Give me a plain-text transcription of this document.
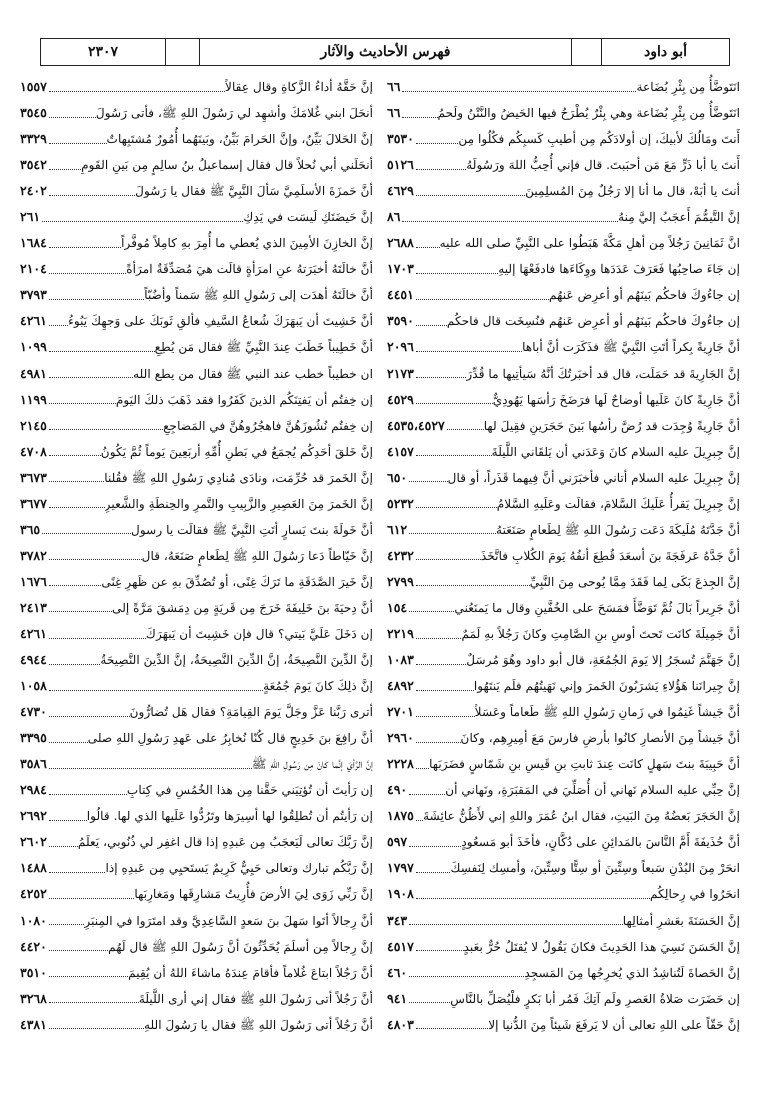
أبو داود
فهرس الأحاديث والآثار
٢٣٠٧
انَتَوضَّأُ مِن بِئْرِ بُضَاعة
٦٦
انَتَوضَّأُ مِن بِئْرِ بُضَاعة وهي بِئْرٌ يُطْرَحُ فيها الحَيضُ والنَّتْنُ ولَحمُ
٦٦
أَنتَ ومَالُكَ لأبيكَ، إن أولادَكُم مِن أطيبِ كَسبِكُم فكُلُوا مِن
٣٥٣٠
أَنتَ يا أبا ذَرٍّ مَعَ مَن أحبَبتَ. قال فإني أُحِبُّ اللهَ ورَسُولَهُ
٥١٢٦
أنتَ يا أبَهْ، قال ما أنا إلا رَجُلٌ مِنَ المُسلِمِينَ
٤٦٢٩
إنَّ التَّيمُّمَ أَعجَبُ إليَّ مِنهُ
٨٦
انَّ ثَمَانِينَ رَجُلاً مِن أهلِ مَكَّةَ هَبَطُوا على النَّبِيِّ صلى الله عليه
٢٦٨٨
إن جَاءَ صاحِبُها فَعَرَفَ عَدَدَها ووِكَاءَها فادفَعْهَا إليهِ
١٧٠٣
إن جاءُوكَ فاحكُم بَينَهُم أو أعرِض عَنهُم
٤٤٥١
إن جاءُوكَ فاحكُم بَينَهُم أو أعرِض عَنهُم فنُسِخَت قال فاحكُم
٣٥٩٠
أنَّ جَارِيةً بِكراً أتَتِ النَّبِيَّ ﷺ فذَكَرَت أنَّ أباها
٢٠٩٦
إنَّ الجَارِيةَ قد حَمَلَت، قال قد أخبَرتُكَ أنَّهُ سَيأتِيها ما قُدِّرَ
٢١٧٣
أنَّ جَارِيةً كانَ عَلَيها أوضاحٌ لَها فرَضَخَ رَأسَها يَهُودِيٌّ
٤٥٢٩
أنَّ جَارِيةً وُجِدَت قد رُضَّ رأسُها بَينَ حَجَرَينِ فقِيلَ لها
٤٥٣٥،٤٥٢٧
إنَّ جِبرِيلَ عليه السلام كانَ وَعَدَني أن يَلقَاني اللَّيلَةَ
٤١٥٧
إنَّ جِبرِيلَ عليه السلام أتاني فأخبَرَني أنَّ فِيهما قَذَراً، أو قال
٦٥٠
إنَّ جِبرِيلَ يَقرأُ عَلَيكَ السَّلامَ، فقالَت وعَلَيهِ السَّلامُ
٥٢٣٢
أنَّ جَدَّتَهُ مُلَيكَةَ دَعَت رَسُولَ اللهِ ﷺ لِطَعامٍ صَنَعَتهُ
٦١٢
أنَّ جَدَّهُ عَرفَجَةَ بنَ أسعَدَ قُطِعَ أنفُهُ يَومَ الكُلابِ فاتَّخَذَ
٤٢٣٢
إنَّ الجِذعَ بَكَى لِما فَقَدَ مِمَّا يُوحى مِنَ النَّبِيِّ
٢٧٩٩
أنَّ جَرِيراً بَالَ ثُمَّ تَوَضَّأَ فمَسَحَ على الخُفَّينِ وقال ما يَمنَعُني
١٥٤
أنَّ جَمِيلَةَ كانَت تَحتَ أوسِ بنِ الصَّامِتِ وكانَ رَجُلاً بهِ لَمَمٌ
٢٢١٩
إنَّ جَهَنَّمَ تُسجَرُ إلا يَومَ الجُمُعَةِ، قال أبو داود وهُوَ مُرسَلٌ
١٠٨٣
إنَّ جِيرانَنا هَؤُلاءِ يَشرَبُونَ الخَمرَ وإني نَهَيتُهُم فلَم يَنتَهُوا
٤٨٩٢
أنَّ جَيشاً غَنِمُوا في زَمانِ رَسُولِ اللهِ ﷺ طَعاماً وعَسَلاً
٢٧٠١
أنَّ جَيشاً مِنَ الأنصارِ كانُوا بأرضِ فارسَ مَعَ أمِيرِهِم، وكانَ
٢٩٦٠
أنَّ حَبِيبَةَ بنتَ سَهلٍ كانَت عِندَ ثابتِ بنِ قَيسِ بنِ شَمّاسٍ فضَرَبَها
٢٢٢٨
إنَّ حِبِّي عليه السلام نَهاني أن أُصَلِّيَ في المَقبَرَةِ، ونَهاني أن
٤٩٠
إنَّ الحَجَرَ بَعضُهُ مِنَ البَيتِ، فقال ابنُ عُمَرَ واللهِ إني لأَظُنُّ عائِشَةَ
١٨٧٥
أنَّ حُذَيفَةَ أَمَّ النَّاسَ بالمَدائِنِ على دُكَّانٍ، فأخَذَ أبو مَسعُودٍ
٥٩٧
انحَرْ مِنَ البُدْنِ سَبعاً وسِتِّينَ أو سِتًّا وسِتِّينَ، وأمسِك لِنَفسِكَ
١٧٩٧
انحَرُوا في رِحالِكُم
١٩٠٨
إنَّ الحَسَنَةَ بعَشرِ أمثالِها
٣٤٣
إنَّ الحَسَنَ نَسِيَ هذا الحَدِيثَ فكانَ يَقُولُ لا يُقتَلُ حُرٌّ بعَبدٍ
٤٥١٧
إنَّ الحَصاةَ لَتُناشِدُ الذي يُخرِجُها مِنَ المَسجِدِ
٤٦٠
إن حَضَرَت صَلاةُ العَصرِ ولَم آتِكَ فَمُر أبا بَكرٍ فلْيُصَلِّ بالنَّاسِ
٩٤١
إنَّ حَقّاً على اللهِ تعالى أن لا يَرفَعَ شَيئاً مِنَ الدُّنيا إلا
٤٨٠٣
إنَّ حَقَّهُ أداءُ الزَّكاةِ وقال عِقالاً
١٥٥٧
أنحَلَ ابني غُلامَكَ وأشهِد لي رَسُولَ اللهِ ﷺ، فأتى رَسُولَ
٣٥٤٥
إنَّ الحَلالَ بَيِّنٌ، وإنَّ الحَرامَ بَيِّنٌ، وبَينَهُما أُمُورٌ مُشتَبِهاتٌ
٣٣٢٩
أنحَلَني أبي نُحلاً قال فقال إسماعيلُ بنُ سالِمٍ مِن بَينِ القَومِ
٣٥٤٢
أنَّ حَمزَةَ الأسلَمِيَّ سَألَ النَّبِيَّ ﷺ فقال يا رَسُولَ
٢٤٠٢
إنَّ حَيضَتَكِ لَيسَت في يَدِكِ
٢٦١
إنَّ الخازِنَ الأمِينَ الذي يُعطي ما أُمِرَ بهِ كامِلاً مُوفَّراً
١٦٨٤
أنَّ خالَتَهُ أخبَرَتهُ عنِ امرَأةٍ قالَت هيَ مُصَدِّقَةٌ امرَأةً
٢١٠٤
أنَّ خالَتَهُ أهدَت إلى رَسُولِ اللهِ ﷺ سَمناً وأضُبّاً
٣٧٩٣
أنَّ خَشِيتَ أن يَبهَرَكَ شُعاعُ السَّيفِ فألقِ ثَوبَكَ على وَجهِكَ يَبُوءُ
٤٢٦١
أنَّ خَطِيباً خَطَبَ عِندَ النَّبِيِّ ﷺ فقال مَن يُطِعِ
١٠٩٩
ان خطيباً خطب عند النبي ﷺ فقال من يطع الله
٤٩٨١
إن خِفتُم أن يَفتِنَكُم الذينَ كَفَرُوا فقد ذَهَبَ ذلكَ اليَومَ
١١٩٩
إن خِفتُم نُشُوزَهُنَّ فاهجُرُوهُنَّ في المَضاجِعِ
٢١٤٥
إنَّ خَلقَ أحَدِكُم يُجمَعُ في بَطنِ أُمِّهِ أربَعِينَ يَوماً ثُمَّ يَكُونُ
٤٧٠٨
إنَّ الخَمرَ قد حُرِّمَت، ونادَى مُنادِي رَسُولِ اللهِ ﷺ فقُلنا
٣٦٧٣
إنَّ الخَمرَ مِنَ العَصِيرِ والزَّبِيبِ والتَّمرِ والحِنطَةِ والشَّعيرِ
٣٦٧٧
أنَّ خَولَةَ بنتَ يَسارٍ أتَتِ النَّبِيَّ ﷺ فقالَت يا رسول
٣٦٥
إنَّ خَيّاطاً دَعا رَسُولَ اللهِ ﷺ لِطَعامٍ صَنَعَهُ، قال
٣٧٨٢
إنَّ خَيرَ الصَّدَقَةِ ما تَرَكَ غِنًى، أو تُصُدِّقَ بهِ عن ظَهرِ غِنًى
١٦٧٦
أنَّ دِحيَةَ بنَ خَلِيفَةَ خَرَجَ مِن قَريَةٍ مِن دِمَشقَ مَرَّةً إلى
٢٤١٣
إن دَخَلَ عَلَيَّ بَيتي؟ قال فإن خَشِيتَ أن يَبهَرَكَ
٤٢٦١
إنَّ الدِّينَ النَّصِيحَةُ، إنَّ الدِّينَ النَّصِيحَةُ، إنَّ الدِّينَ النَّصِيحَةُ
٤٩٤٤
إنَّ ذلِكَ كانَ يَومَ جُمُعَةٍ
١٠٥٨
أترى رَبَّنا عَزَّ وجَلَّ يَومَ القِيامَةِ؟ فقال هَل تُضارُّونَ
٤٧٣٠
أنَّ رافِعَ بنَ خَدِيجٍ قال كُنّا نُخابِرُ على عَهدِ رَسُولِ اللهِ صلى
٣٣٩٥
إنَّ الرَّأيَ إنَّما كانَ مِن رَسُولِ اللهِ ﷺ
٣٥٨٦
إن رَأيتَ أن تُؤتِيَني حَقَّنا مِن هذا الخُمُسِ في كِتابِ
٢٩٨٤
إن رَأيتُم أن تُطلِقُوا لها أسِيرَها وتَرُدُّوا عَلَيها الذي لها. قالُوا
٢٦٩٢
إنَّ رَبَّكَ تعالى لَيَعجَبُ مِن عَبدِهِ إذا قال اغفِر لي ذُنُوبي، يَعلَمُ
٢٦٠٢
إنَّ رَبَّكُم تبارك وتعالى حَيِيٌّ كَرِيمٌ يَستَحيِي مِن عَبدِهِ إذا
١٤٨٨
إنَّ رَبِّي زَوَى لِيَ الأرضَ فأُرِيتُ مَشارِقَها ومَغارِبَها
٤٢٥٢
أنَّ رِجالاً أتَوا سَهلَ بنَ سَعدٍ السَّاعِدِيَّ وقد امتَرَوا في المِنبَرِ
١٠٨٠
إنَّ رِجالاً مِن أسلَمَ يُحَدِّثُونَ أنَّ رَسُولَ اللهِ ﷺ قال لَهُم
٤٤٢٠
أنَّ رَجُلاً ابتاعَ غُلاماً فأقامَ عِندَهُ ماشاءَ اللهُ أن يُقِيمَ
٣٥١٠
أنَّ رَجُلاً أتى رَسُولَ اللهِ ﷺ فقال إني أرى اللَّيلَةَ
٣٢٦٨
أنَّ رَجُلاً أتى رَسُولَ اللهِ ﷺ فقال يا رَسُولَ اللهِ
٤٣٨١
